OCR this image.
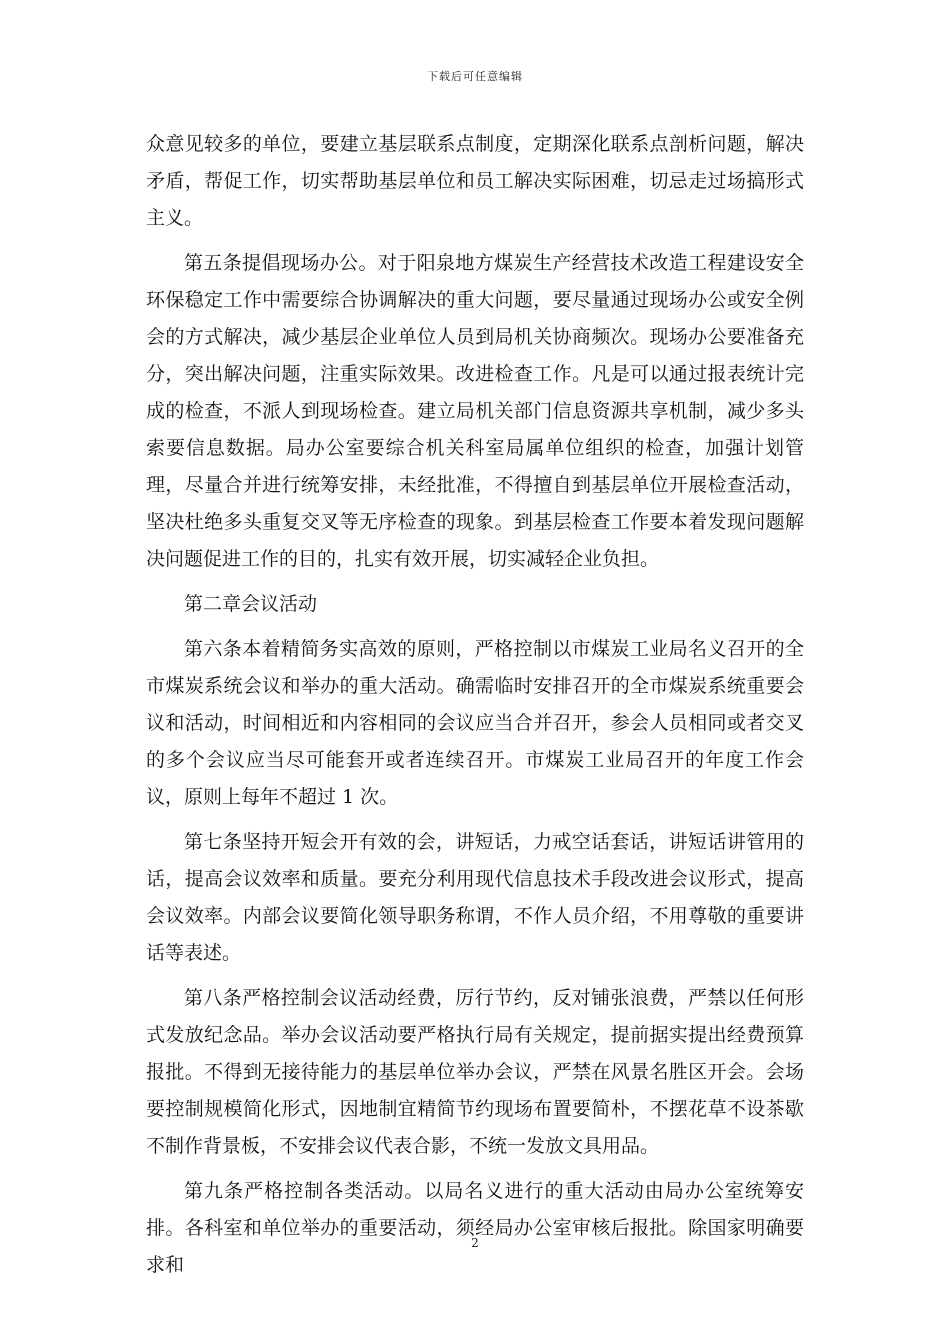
下载后可任意编辑

众意见较多的单位，要建立基层联系点制度，定期深化联系点剖析问题，解决矛盾，帮促工作，切实帮助基层单位和员工解决实际困难，切忌走过场搞形式主义。

第五条提倡现场办公。对于阳泉地方煤炭生产经营技术改造工程建设安全环保稳定工作中需要综合协调解决的重大问题，要尽量通过现场办公或安全例会的方式解决，减少基层企业单位人员到局机关协商频次。现场办公要准备充分，突出解决问题，注重实际效果。改进检查工作。凡是可以通过报表统计完成的检查，不派人到现场检查。建立局机关部门信息资源共享机制，减少多头索要信息数据。局办公室要综合机关科室局属单位组织的检查，加强计划管理，尽量合并进行统筹安排，未经批准，不得擅自到基层单位开展检查活动，坚决杜绝多头重复交叉等无序检查的现象。到基层检查工作要本着发现问题解决问题促进工作的目的，扎实有效开展，切实减轻企业负担。

第二章会议活动

第六条本着精简务实高效的原则，严格控制以市煤炭工业局名义召开的全市煤炭系统会议和举办的重大活动。确需临时安排召开的全市煤炭系统重要会议和活动，时间相近和内容相同的会议应当合并召开，参会人员相同或者交叉的多个会议应当尽可能套开或者连续召开。市煤炭工业局召开的年度工作会议，原则上每年不超过 1 次。

第七条坚持开短会开有效的会，讲短话，力戒空话套话，讲短话讲管用的话，提高会议效率和质量。要充分利用现代信息技术手段改进会议形式，提高会议效率。内部会议要简化领导职务称谓，不作人员介绍，不用尊敬的重要讲话等表述。

第八条严格控制会议活动经费，厉行节约，反对铺张浪费，严禁以任何形式发放纪念品。举办会议活动要严格执行局有关规定，提前据实提出经费预算报批。不得到无接待能力的基层单位举办会议，严禁在风景名胜区开会。会场要控制规模简化形式，因地制宜精简节约现场布置要简朴，不摆花草不设茶歇不制作背景板，不安排会议代表合影，不统一发放文具用品。

第九条严格控制各类活动。以局名义进行的重大活动由局办公室统筹安排。各科室和单位举办的重要活动，须经局办公室审核后报批。除国家明确要求和

2
